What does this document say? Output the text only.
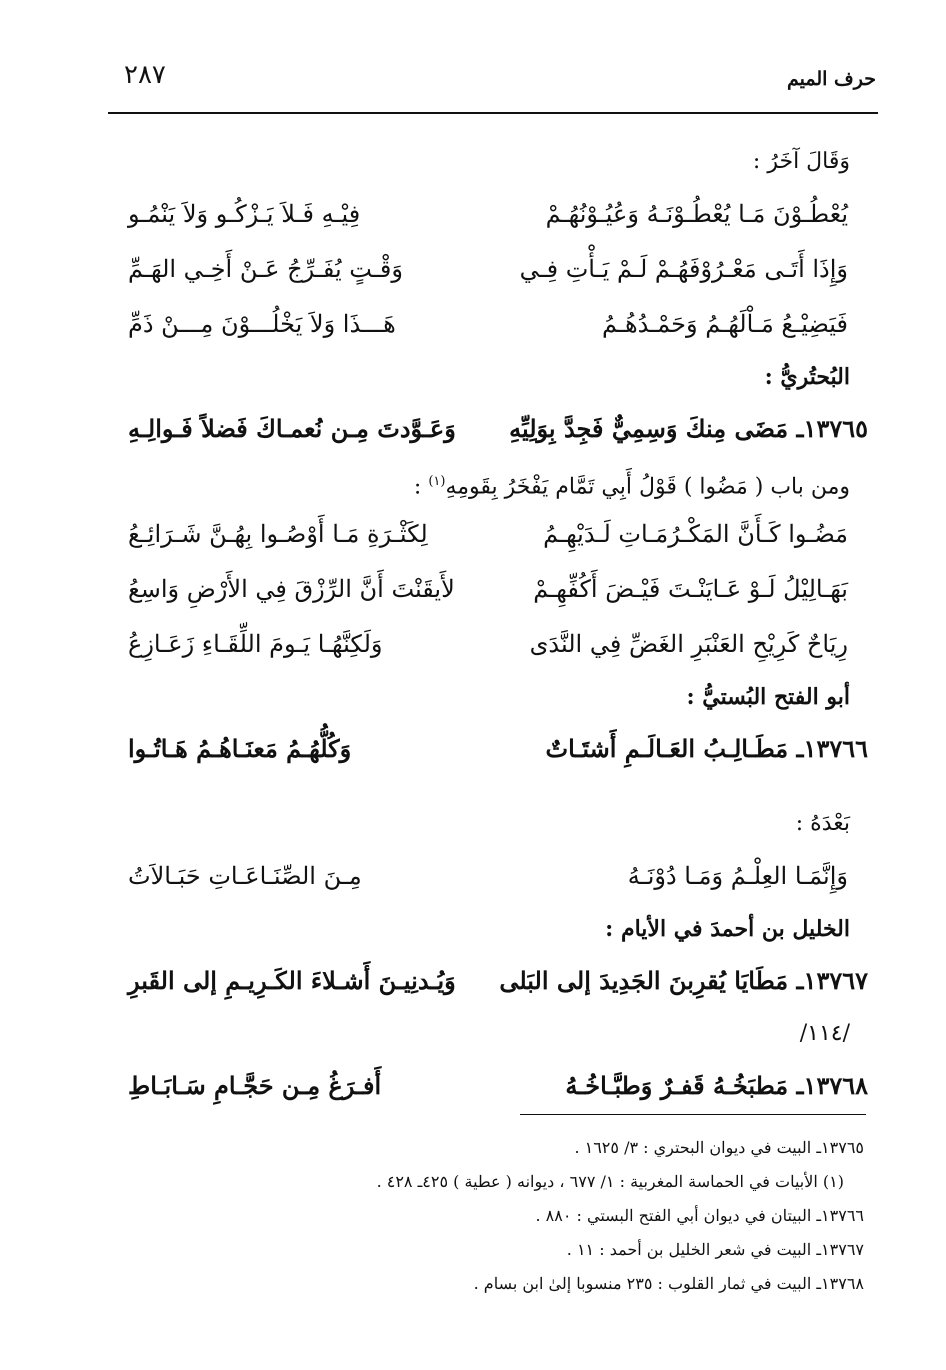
٢٨٧	حرف الميم
وَقَالَ آخَرُ :
يُعْطُـوْنَ مَـا يُعْطُـوْنَـهُ وَعُيُـوْنُهُـمْ
فِيْـهِ فَـلاَ يَـزْكُـو وَلاَ يَنْمُـو
وَإِذَا أَتَـى مَعْـرُوْفَهُـمْ لَـمْ يَـأْتِ فِـي
وَقْـتٍ يُفَـرِّجُ عَـنْ أَخِـي الهَـمِّ
فَيَضِيْـعُ مَـاْلَهُـمُ وَحَمْـدُهُـمُ
هَـــذَا وَلاَ يَخْلُـــوْنَ مِـــنْ ذَمِّ
البُحتُريُّ :
١٣٧٦٥ـ مَضَى مِنكَ وَسِمِيٌّ فَجِدَّ بِوَلِيِّهِ
وَعَـوَّدتَ مِـن نُعمـاكَ فَضلاً فَـوالِـهِ
ومن باب ( مَضُوا ) قَوْلُ أَبِي تَمَّام يَفْخَرُ بِقَومِهِ$^{(١)}$ :
مَضُـوا كَـأَنَّ المَكْـرُمَـاتِ لَـدَيْهِـمُ
لِكَثْـرَةِ مَـا أَوْصُـوا بِهُـنَّ شَـرَائِـعُ
بَهَـالِيْلُ لَـوْ عَـايَنْـتَ فَيْـضَ أَكُفِّهِـمْ
لأَيقَنْتَ أَنَّ الرِّزْقَ فِي الأَرْضِ وَاسِعُ
رِيَاحٌ كَرِيْحِ العَنْبَرِ الغَضِّ فِي النَّدَى
وَلَكِنَّهُـا يَـومَ اللِّقَـاءِ زَعَـازِعُ
أبو الفتح البُستيُّ :
١٣٧٦٦ـ مَطَـالِـبُ العَـالَـمِ أَشتَـاتٌ
وَكُلُّهُـمُ مَعنَـاهُـمُ هَـاتُـوا
بَعْدَهُ :
وَإِنَّمَـا العِلْـمُ وَمَـا دُوْنَـهُ
مِـنَ الصِّنَـاعَـاتِ حَبَـالاَتُ
الخليل بن أحمدَ في الأيام :
١٣٧٦٧ـ مَطَايَا يُقرِبنَ الجَدِيدَ إلى البَلى
وَيُـدنِيـنَ أَشـلاءَ الكَـرِيـمِ إلى القَبرِ
/١١٤/
١٣٧٦٨ـ مَطبَخُـهُ قَفـرٌ وَطبَّـاخُـهُ
أَفـرَغُ مِـن حَجَّـامِ سَـابَـاطِ
١٣٧٦٥ـ البيت في ديوان البحتري : ٣/ ١٦٢٥ .
(١) الأبيات في الحماسة المغربية : ١/ ٦٧٧ ، ديوانه ( عطية ) ٤٢٥ـ ٤٢٨ .
١٣٧٦٦ـ البيتان في ديوان أبي الفتح البستي : ٨٨٠ .
١٣٧٦٧ـ البيت في شعر الخليل بن أحمد : ١١ .
١٣٧٦٨ـ البيت في ثمار القلوب : ٢٣٥ منسوبا إلىٰ ابن بسام .
